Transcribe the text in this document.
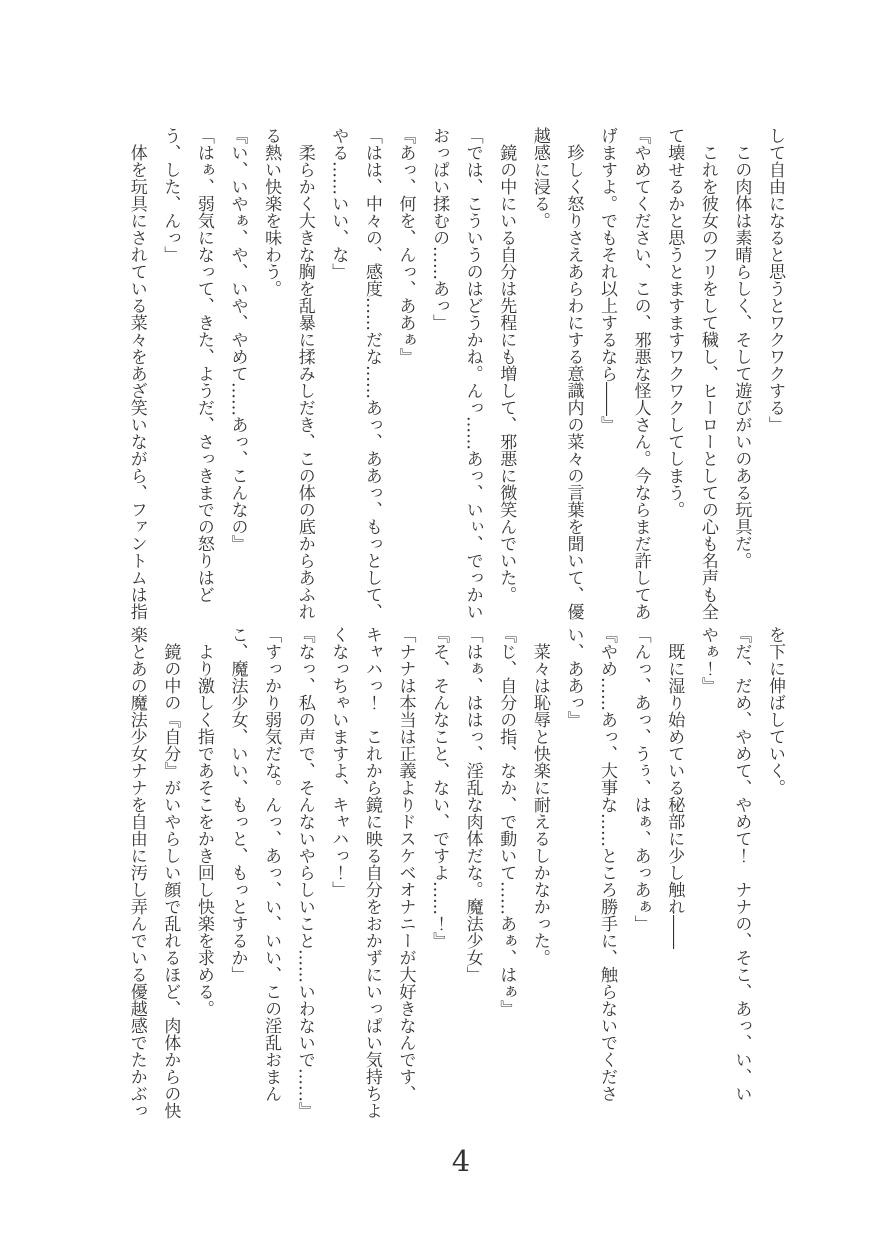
して自由になると思うとワクワクする」
　この肉体は素晴らしく、そして遊びがいのある玩具だ。
　これを彼女のフリをして穢し、ヒーローとしての心も名声も全
て壊せるかと思うとますますワクワクしてしまう。
『やめてください、この、邪悪な怪人さん。今ならまだ許してあ
げますよ。でもそれ以上するなら――』
　珍しく怒りさえあらわにする意識内の菜々の言葉を聞いて、優
越感に浸る。
　鏡の中にいる自分は先程にも増して、邪悪に微笑んでいた。
「では、こういうのはどうかね。んっ……あっ、いぃ、でっかい
おっぱい揉むの……あっ」
『あっ、何を、んっ、ああぁ』
「はは、中々の、感度……だな……あっ、ああっ、もっとして、
やる……いい、な」
　柔らかく大きな胸を乱暴に揉みしだき、この体の底からあふれ
る熱い快楽を味わう。
『い、いやぁ、や、いや、やめて……あっ、こんなの』
「はぁ、弱気になって、きた、ようだ、さっきまでの怒りはど
う、した、んっ」
　体を玩具にされている菜々をあざ笑いながら、ファントムは指
を下に伸ばしていく。
『だ、だめ、やめて、やめて！　ナナの、そこ、あっ、い、い
やぁ！』
　既に湿り始めている秘部に少し触れ――
「んっ、あっ、うぅ、はぁ、あっあぁ」
『やめ……あっ、大事な……ところ勝手に、触らないでくださ
い、ああっ』
　菜々は恥辱と快楽に耐えるしかなかった。
『じ、自分の指、なか、で動いて……あぁ、はぁ』
「はぁ、ははっ、淫乱な肉体だな。魔法少女」
『そ、そんなこと、ない、ですよ……！』
「ナナは本当は正義よりドスケベオナニーが大好きなんです、
キャハっ！　これから鏡に映る自分をおかずにいっぱい気持ちよ
くなっちゃいますよ、キャハっ！」
『なっ、私の声で、そんないやらしいこと……いわないで……』
「すっかり弱気だな。んっ、あっ、い、いい、この淫乱おまん
こ、魔法少女、いい、もっと、もっとするか」
　より激しく指であそこをかき回し快楽を求める。
　鏡の中の『自分』がいやらしい顔で乱れるほど、肉体からの快
楽とあの魔法少女ナナを自由に汚し弄んでいる優越感でたかぶっ
4
